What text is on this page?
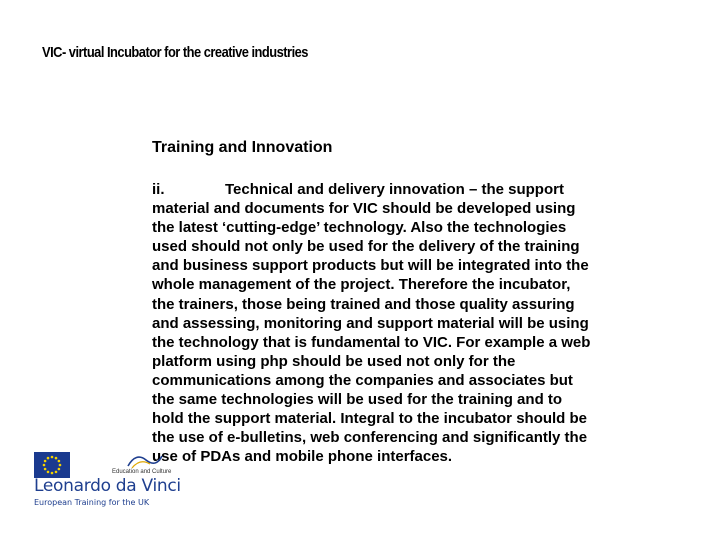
VIC- virtual Incubator for the creative industries
Training and Innovation

ii.	Technical and delivery innovation – the support
material and documents for VIC should be developed using
the latest ‘cutting-edge’ technology. Also the technologies
used should not only be used for the delivery of the training
and business support products but will be integrated into the
whole management of the project. Therefore the incubator,
the trainers, those being trained and those quality assuring
and assessing, monitoring and support material will be using
the technology that is fundamental to VIC. For example a web
platform using php should be used not only for the
communications among the companies and associates but
the same technologies will be used for the training and to
hold the support material. Integral to the incubator should be
the use of e-bulletins, web conferencing and significantly the
use of PDAs and mobile phone interfaces.

Education and Culture
Leonardo da Vinci
European Training for the UK
